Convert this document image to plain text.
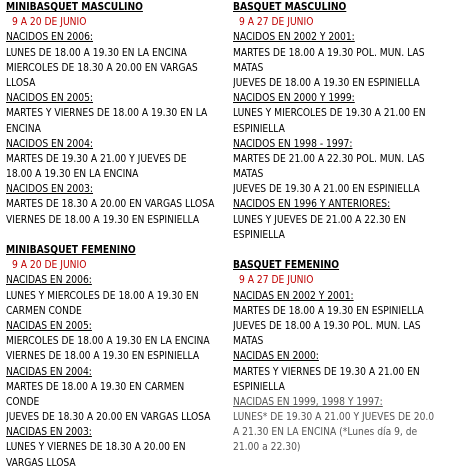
MINIBASQUET MASCULINO
9 A 20 DE JUNIO
NACIDOS EN 2006:
LUNES DE 18.00 A 19.30 EN LA ENCINA
MIERCOLES DE 18.30 A 20.00 EN VARGAS
LLOSA
NACIDOS EN 2005:
MARTES Y VIERNES DE 18.00 A 19.30 EN LA
ENCINA
NACIDOS EN 2004:
MARTES DE 19.30 A 21.00 Y JUEVES DE
18.00 A 19.30 EN LA ENCINA
NACIDOS EN 2003:
MARTES DE 18.30 A 20.00 EN VARGAS LLOSA
VIERNES DE 18.00 A 19.30 EN ESPINIELLA
MINIBASQUET FEMENINO
9 A 20 DE JUNIO
NACIDAS EN 2006:
LUNES Y MIERCOLES DE 18.00 A 19.30 EN
CARMEN CONDE
NACIDAS EN 2005:
MIERCOLES DE 18.00 A 19.30 EN LA ENCINA
VIERNES DE 18.00 A 19.30 EN ESPINIELLA
NACIDAS EN 2004:
MARTES DE 18.00 A 19.30 EN CARMEN
CONDE
JUEVES DE 18.30 A 20.00 EN VARGAS LLOSA
NACIDAS EN 2003:
LUNES Y VIERNES DE 18.30 A 20.00 EN
VARGAS LLOSA
BASQUET MASCULINO
9 A 27 DE JUNIO
NACIDOS EN 2002 Y 2001:
MARTES DE 18.00 A 19.30 POL. MUN. LAS
MATAS
JUEVES DE 18.00 A 19.30 EN ESPINIELLA
NACIDOS EN 2000 Y 1999:
LUNES Y MIERCOLES DE 19.30 A 21.00 EN
ESPINIELLA
NACIDOS EN 1998 - 1997:
MARTES DE 21.00 A 22.30 POL. MUN. LAS
MATAS
JUEVES DE 19.30 A 21.00 EN ESPINIELLA
NACIDOS EN 1996 Y ANTERIORES:
LUNES Y JUEVES DE 21.00 A 22.30 EN
ESPINIELLA
BASQUET FEMENINO
9 A 27 DE JUNIO
NACIDAS EN 2002 Y 2001:
MARTES DE 18.00 A 19.30 EN ESPINIELLA
JUEVES DE 18.00 A 19.30 POL. MUN. LAS
MATAS
NACIDAS EN 2000:
MARTES Y VIERNES DE 19.30 A 21.00 EN
ESPINIELLA
NACIDAS EN 1999, 1998 Y 1997:
LUNES* DE 19.30 A 21.00 Y JUEVES DE 20.0
A 21.30 EN LA ENCINA (*Lunes día 9, de
21.00 a 22.30)
